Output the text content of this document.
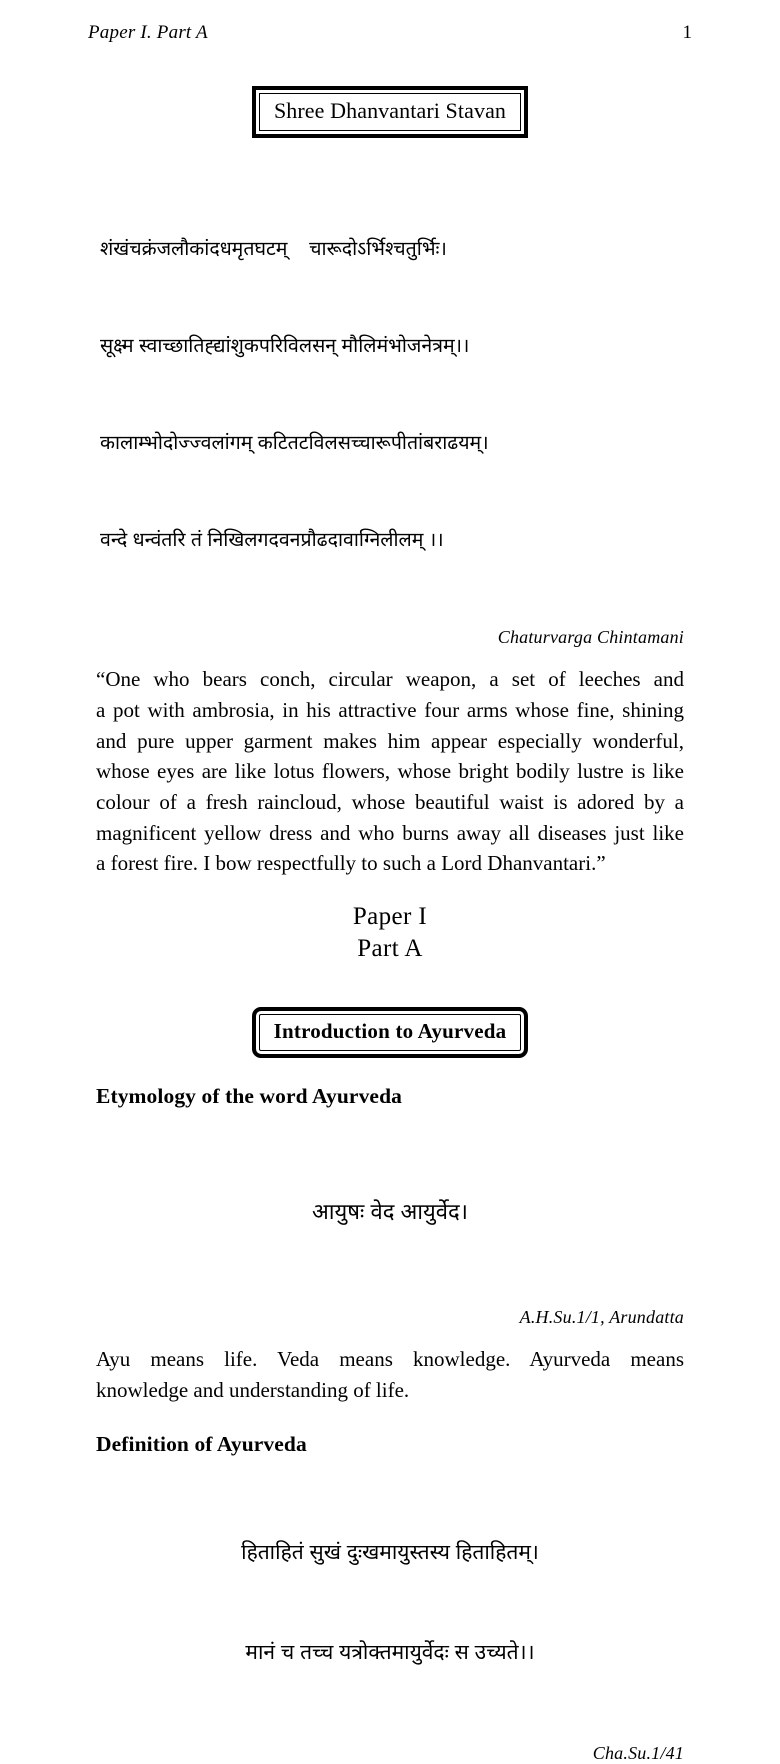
Paper I. Part A	1
Shree Dhanvantari Stavan

शंखंचक्रंजलौकांदधमृतघटम्    चारूदोऽर्भिश्चतुर्भिः।

सूक्ष्म स्वाच्छातिह्द्यांशुकपरिविलसन् मौलिमंभोजनेत्रम्।।

कालाम्भोदोज्ज्वलांगम् कटितटविलसच्चारूपीतांबराढयम्।

वन्दे धन्वंतरि तं निखिलगदवनप्रौढदावाग्निलीलम् ।।

Chaturvarga Chintamani
“One who bears conch, circular weapon, a set of leeches and
a pot with ambrosia, in his attractive four arms whose fine, shining
and pure upper garment makes him appear especially wonderful,
whose eyes are like lotus flowers, whose bright bodily lustre is like
colour of a fresh raincloud, whose beautiful waist is adored by a
magnificent yellow dress and who burns away all diseases just like
a forest fire. I bow respectfully to such a Lord Dhanvantari.”
Paper I
Part A
Introduction to Ayurveda
Etymology of the word Ayurveda

आयुषः वेद आयुर्वेद।

A.H.Su.1/1, Arundatta
Ayu means life. Veda means knowledge. Ayurveda means
knowledge and understanding of life.
Definition of Ayurveda

हिताहितं सुखं दुःखमायुस्तस्य हिताहितम्।

मानं च तच्च यत्रोक्तमायुर्वेदः स उच्यते।।

Cha.Su.1/41
